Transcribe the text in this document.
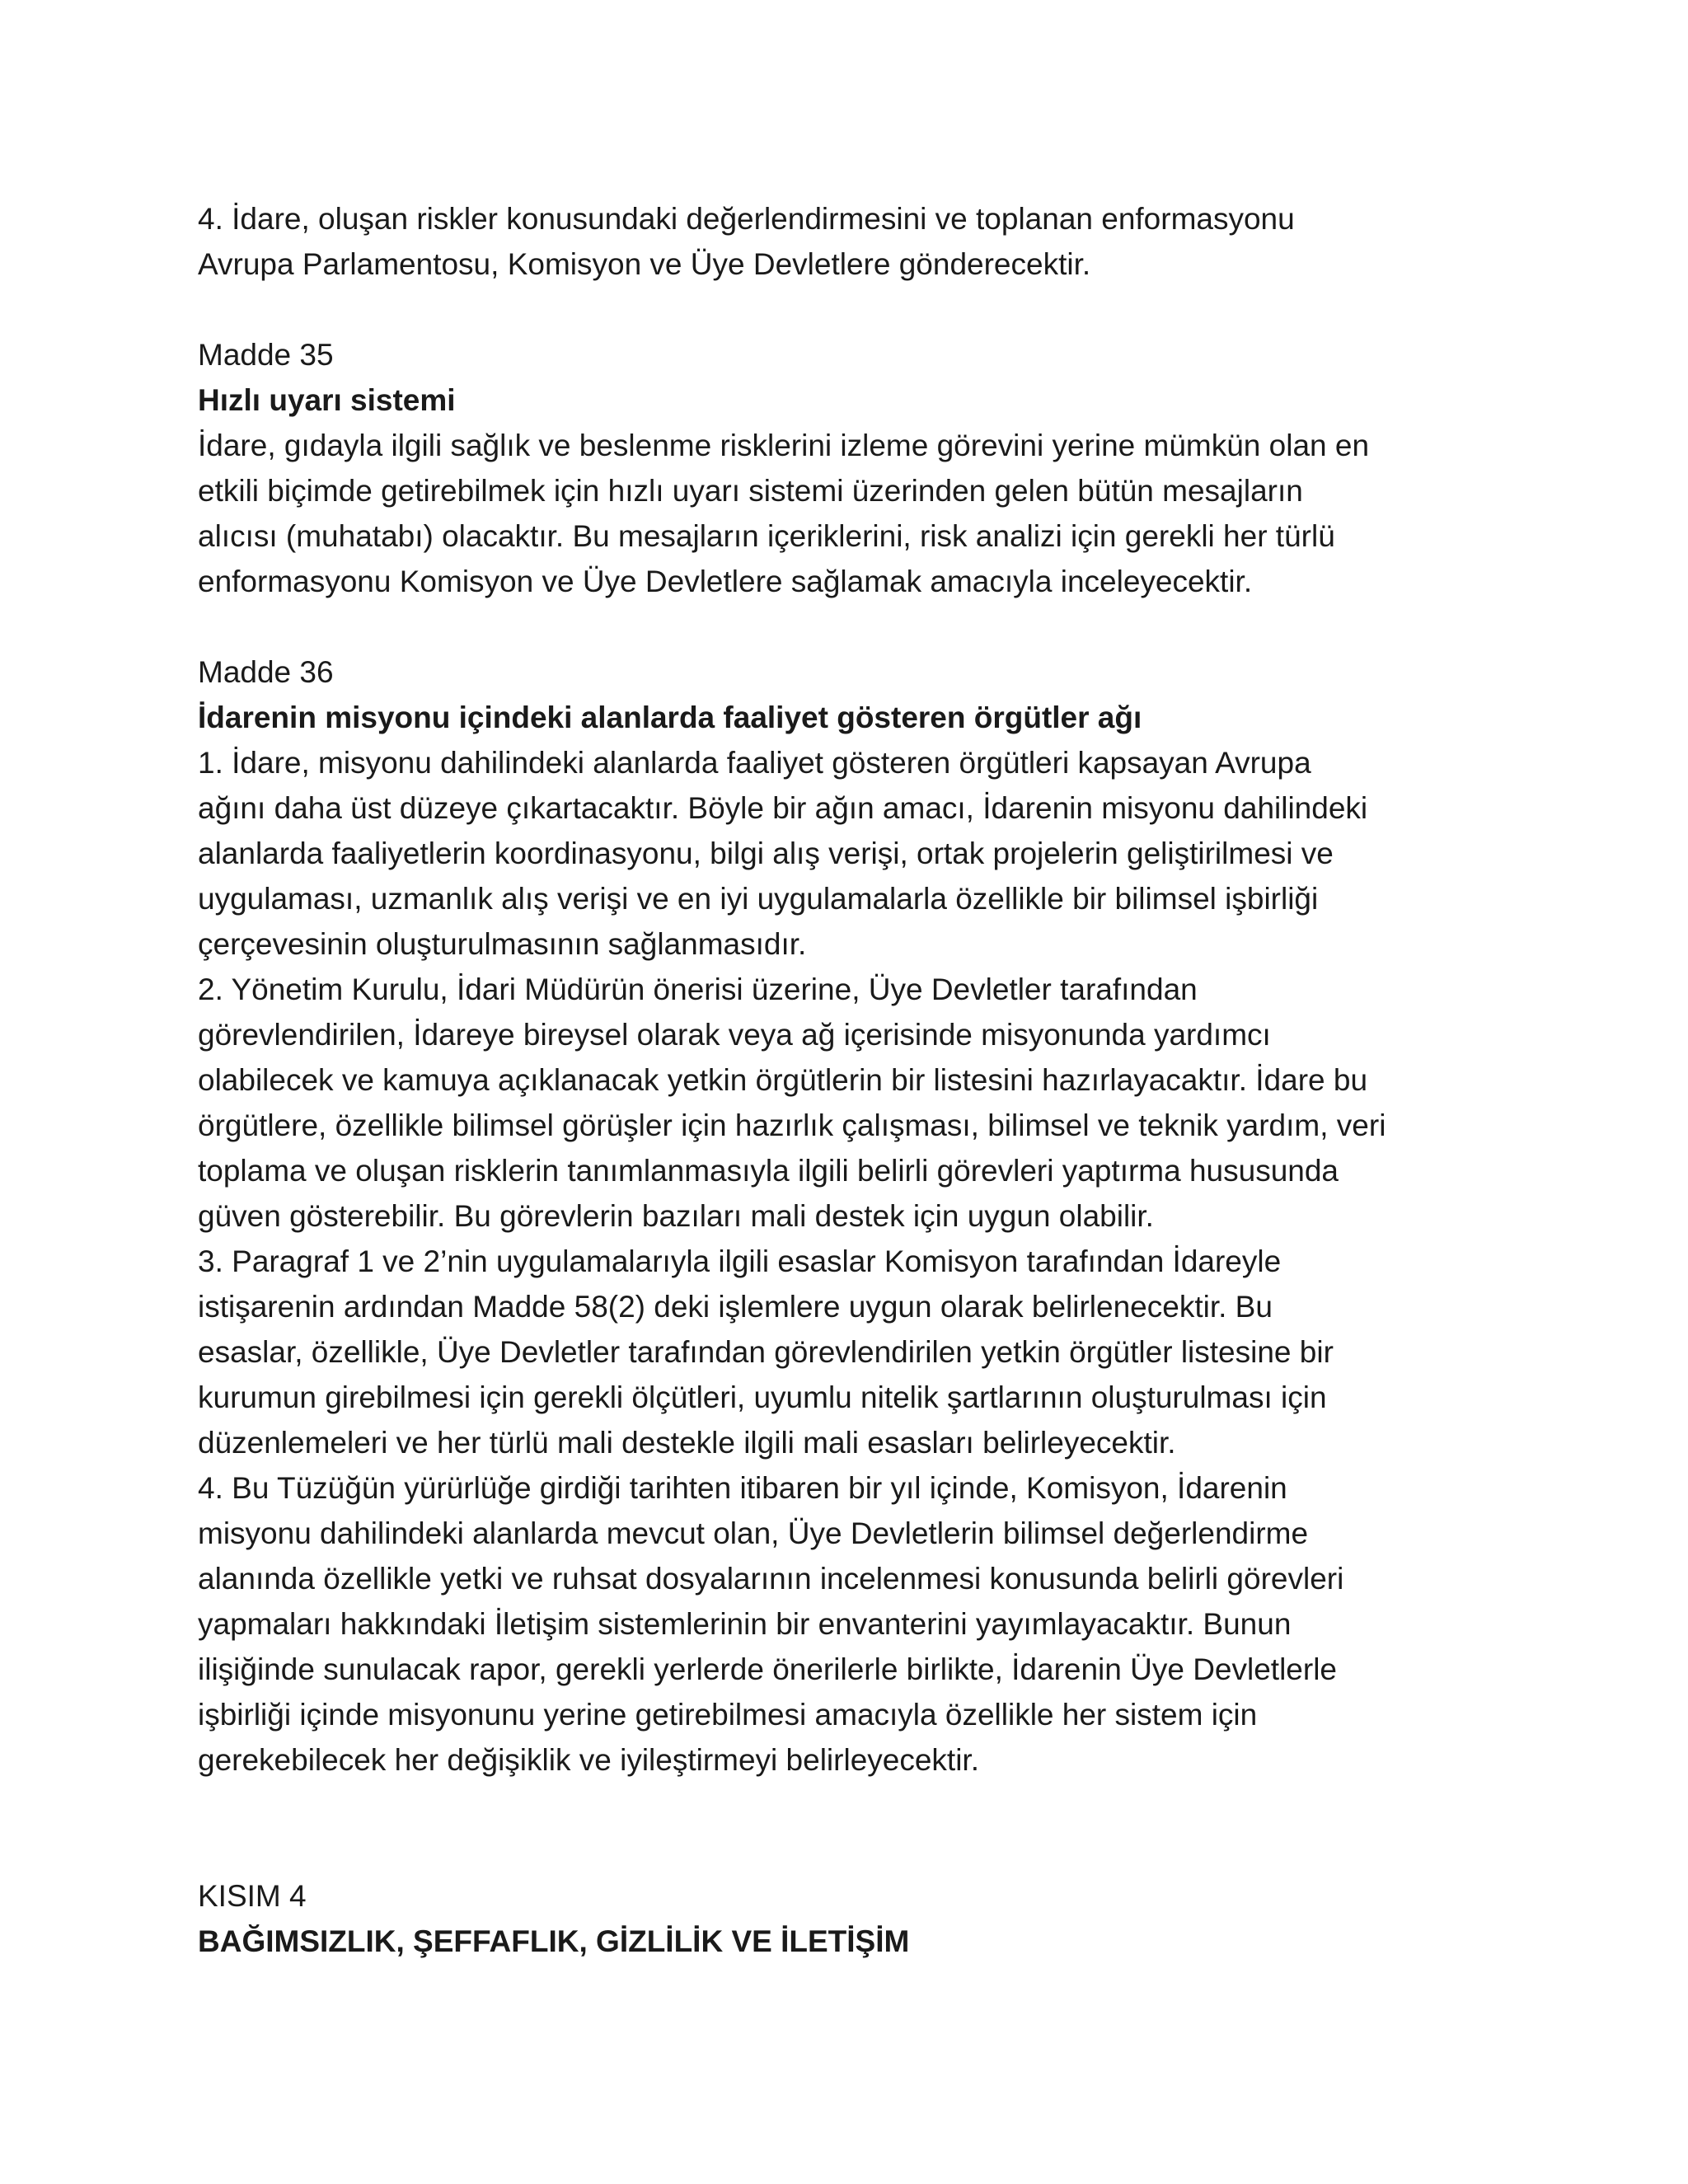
4. İdare, oluşan riskler konusundaki değerlendirmesini ve toplanan enformasyonu
Avrupa Parlamentosu, Komisyon ve Üye Devletlere gönderecektir.
Madde 35
Hızlı uyarı sistemi
İdare, gıdayla ilgili sağlık ve beslenme risklerini izleme görevini yerine mümkün olan en
etkili biçimde getirebilmek için hızlı uyarı sistemi üzerinden gelen bütün mesajların
alıcısı (muhatabı) olacaktır. Bu mesajların içeriklerini, risk analizi için gerekli her türlü
enformasyonu Komisyon ve Üye Devletlere sağlamak amacıyla inceleyecektir.
Madde 36
İdarenin misyonu içindeki alanlarda faaliyet gösteren örgütler ağı
1. İdare, misyonu dahilindeki alanlarda faaliyet gösteren örgütleri kapsayan Avrupa
ağını daha üst düzeye çıkartacaktır. Böyle bir ağın amacı, İdarenin misyonu dahilindeki
alanlarda faaliyetlerin koordinasyonu, bilgi alış verişi, ortak projelerin geliştirilmesi ve
uygulaması, uzmanlık alış verişi ve en iyi uygulamalarla özellikle bir bilimsel işbirliği
çerçevesinin oluşturulmasının sağlanmasıdır.
2. Yönetim Kurulu, İdari Müdürün önerisi üzerine, Üye Devletler tarafından
görevlendirilen, İdareye bireysel olarak veya ağ içerisinde misyonunda yardımcı
olabilecek ve kamuya açıklanacak yetkin örgütlerin bir listesini hazırlayacaktır. İdare bu
örgütlere, özellikle bilimsel görüşler için hazırlık çalışması, bilimsel ve teknik yardım, veri
toplama ve oluşan risklerin tanımlanmasıyla ilgili belirli görevleri yaptırma hususunda
güven gösterebilir. Bu görevlerin bazıları mali destek için uygun olabilir.
3. Paragraf 1 ve 2’nin uygulamalarıyla ilgili esaslar Komisyon tarafından İdareyle
istişarenin ardından Madde 58(2) deki işlemlere uygun olarak belirlenecektir. Bu
esaslar, özellikle, Üye Devletler tarafından görevlendirilen yetkin örgütler listesine bir
kurumun girebilmesi için gerekli ölçütleri, uyumlu nitelik şartlarının oluşturulması için
düzenlemeleri ve her türlü mali destekle ilgili mali esasları belirleyecektir.
4. Bu Tüzüğün yürürlüğe girdiği tarihten itibaren bir yıl içinde, Komisyon, İdarenin
misyonu dahilindeki alanlarda mevcut olan, Üye Devletlerin bilimsel değerlendirme
alanında özellikle yetki ve ruhsat dosyalarının incelenmesi konusunda belirli görevleri
yapmaları hakkındaki İletişim sistemlerinin bir envanterini yayımlayacaktır. Bunun
ilişiğinde sunulacak rapor, gerekli yerlerde önerilerle birlikte, İdarenin Üye Devletlerle
işbirliği içinde misyonunu yerine getirebilmesi amacıyla özellikle her sistem için
gerekebilecek her değişiklik ve iyileştirmeyi belirleyecektir.
KISIM 4
BAĞIMSIZLIK, ŞEFFAFLIK, GİZLİLİK VE İLETİŞİM
